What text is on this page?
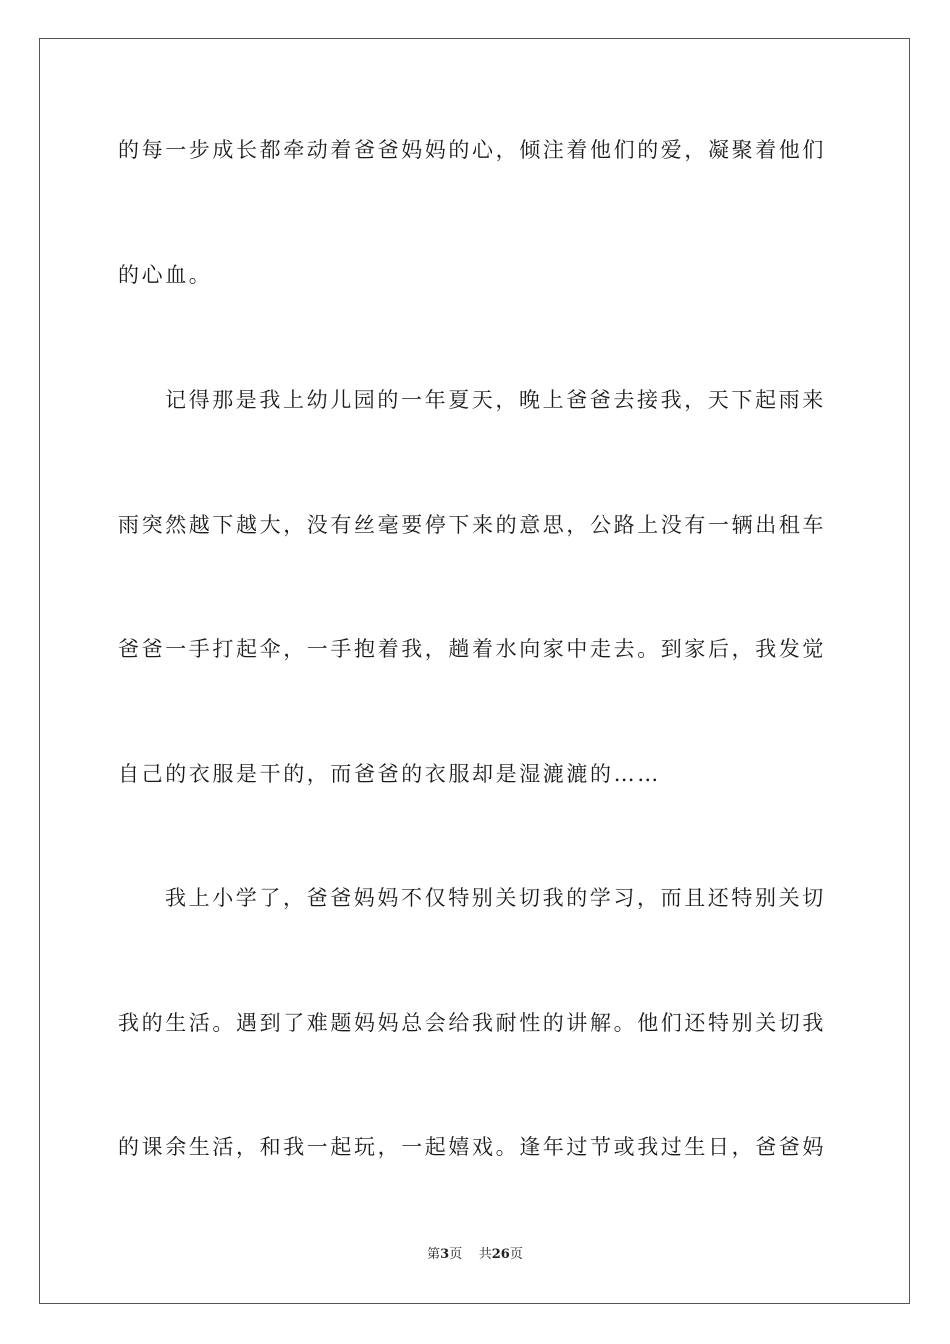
的每一步成长都牵动着爸爸妈妈的心，倾注着他们的爱，凝聚着他们
的心血。
记得那是我上幼儿园的一年夏天，晚上爸爸去接我，天下起雨来
雨突然越下越大，没有丝毫要停下来的意思，公路上没有一辆出租车
爸爸一手打起伞，一手抱着我，趟着水向家中走去。到家后，我发觉
自己的衣服是干的，而爸爸的衣服却是湿漉漉的……
我上小学了，爸爸妈妈不仅特别关切我的学习，而且还特别关切
我的生活。遇到了难题妈妈总会给我耐性的讲解。他们还特别关切我
的课余生活，和我一起玩，一起嬉戏。逢年过节或我过生日，爸爸妈
第3页 共26页
